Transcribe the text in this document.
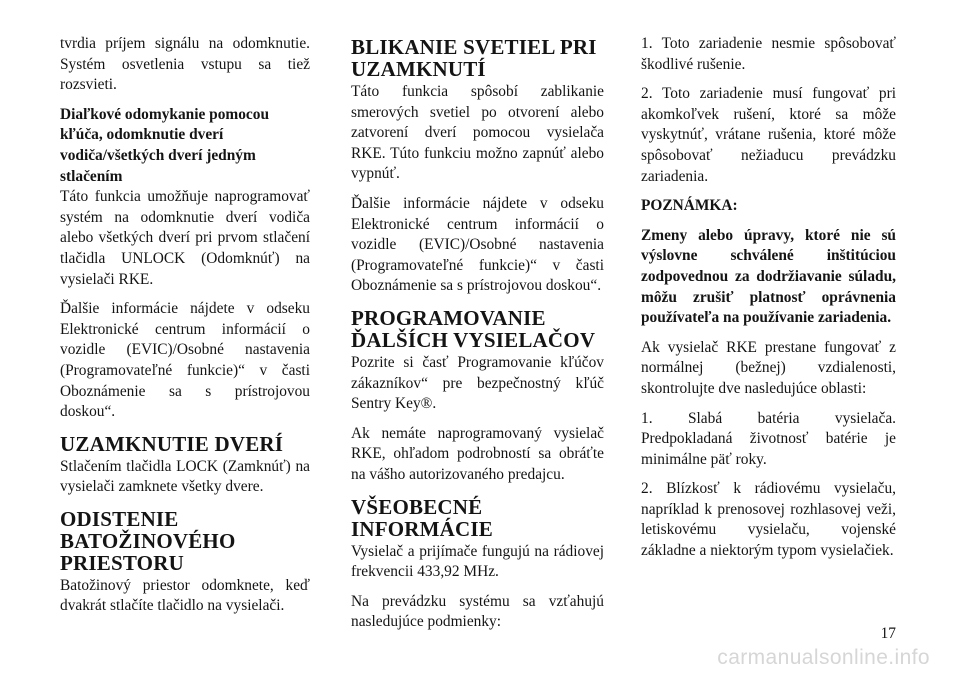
tvrdia príjem signálu na odomknutie. Systém osvetlenia vstupu sa tiež rozsvieti.

Diaľkové odomykanie pomocou kľúča, odomknutie dverí vodiča/všetkých dverí jedným stlačením

Táto funkcia umožňuje naprogramovať systém na odomknutie dverí vodiča alebo všetkých dverí pri prvom stlačení tlačidla UNLOCK (Odomknúť) na vysielači RKE.

Ďalšie informácie nájdete v odseku Elektronické centrum informácií o vozidle (EVIC)/Osobné nastavenia (Programovateľné funkcie)“ v časti Oboznámenie sa s prístrojovou doskou“.

UZAMKNUTIE DVERÍ

Stlačením tlačidla LOCK (Zamknúť) na vysielači zamknete všetky dvere.

ODISTENIE BATOŽINOVÉHO PRIESTORU

Batožinový priestor odomknete, keď dvakrát stlačíte tlačidlo na vysielači.

BLIKANIE SVETIEL PRI UZAMKNUTÍ

Táto funkcia spôsobí zablikanie smerových svetiel po otvorení alebo zatvorení dverí pomocou vysielača RKE. Túto funkciu možno zapnúť alebo vypnúť.

Ďalšie informácie nájdete v odseku Elektronické centrum informácií o vozidle (EVIC)/Osobné nastavenia (Programovateľné funkcie)“ v časti Oboznámenie sa s prístrojovou doskou“.

PROGRAMOVANIE ĎALŠÍCH VYSIELAČOV

Pozrite si časť Programovanie kľúčov zákazníkov“ pre bezpečnostný kľúč Sentry Key®.

Ak nemáte naprogramovaný vysielač RKE, ohľadom podrobností sa obráťte na vášho autorizovaného predajcu.

VŠEOBECNÉ INFORMÁCIE

Vysielač a prijímače fungujú na rádiovej frekvencii 433,92 MHz.

Na prevádzku systému sa vzťahujú nasledujúce podmienky:

1. Toto zariadenie nesmie spôsobovať škodlivé rušenie.

2. Toto zariadenie musí fungovať pri akomkoľvek rušení, ktoré sa môže vyskytnúť, vrátane rušenia, ktoré môže spôsobovať nežiaducu prevádzku zariadenia.

POZNÁMKA:

Zmeny alebo úpravy, ktoré nie sú výslovne schválené inštitúciou zodpovednou za dodržiavanie súladu, môžu zrušiť platnosť oprávnenia používateľa na používanie zariadenia.

Ak vysielač RKE prestane fungovať z normálnej (bežnej) vzdialenosti, skontrolujte dve nasledujúce oblasti:

1. Slabá batéria vysielača. Predpokladaná životnosť batérie je minimálne päť roky.

2. Blízkosť k rádiovému vysielaču, napríklad k prenosovej rozhlasovej veži, letiskovému vysielaču, vojenské základne a niektorým typom vysielačiek.

17
carmanualsonline.info
